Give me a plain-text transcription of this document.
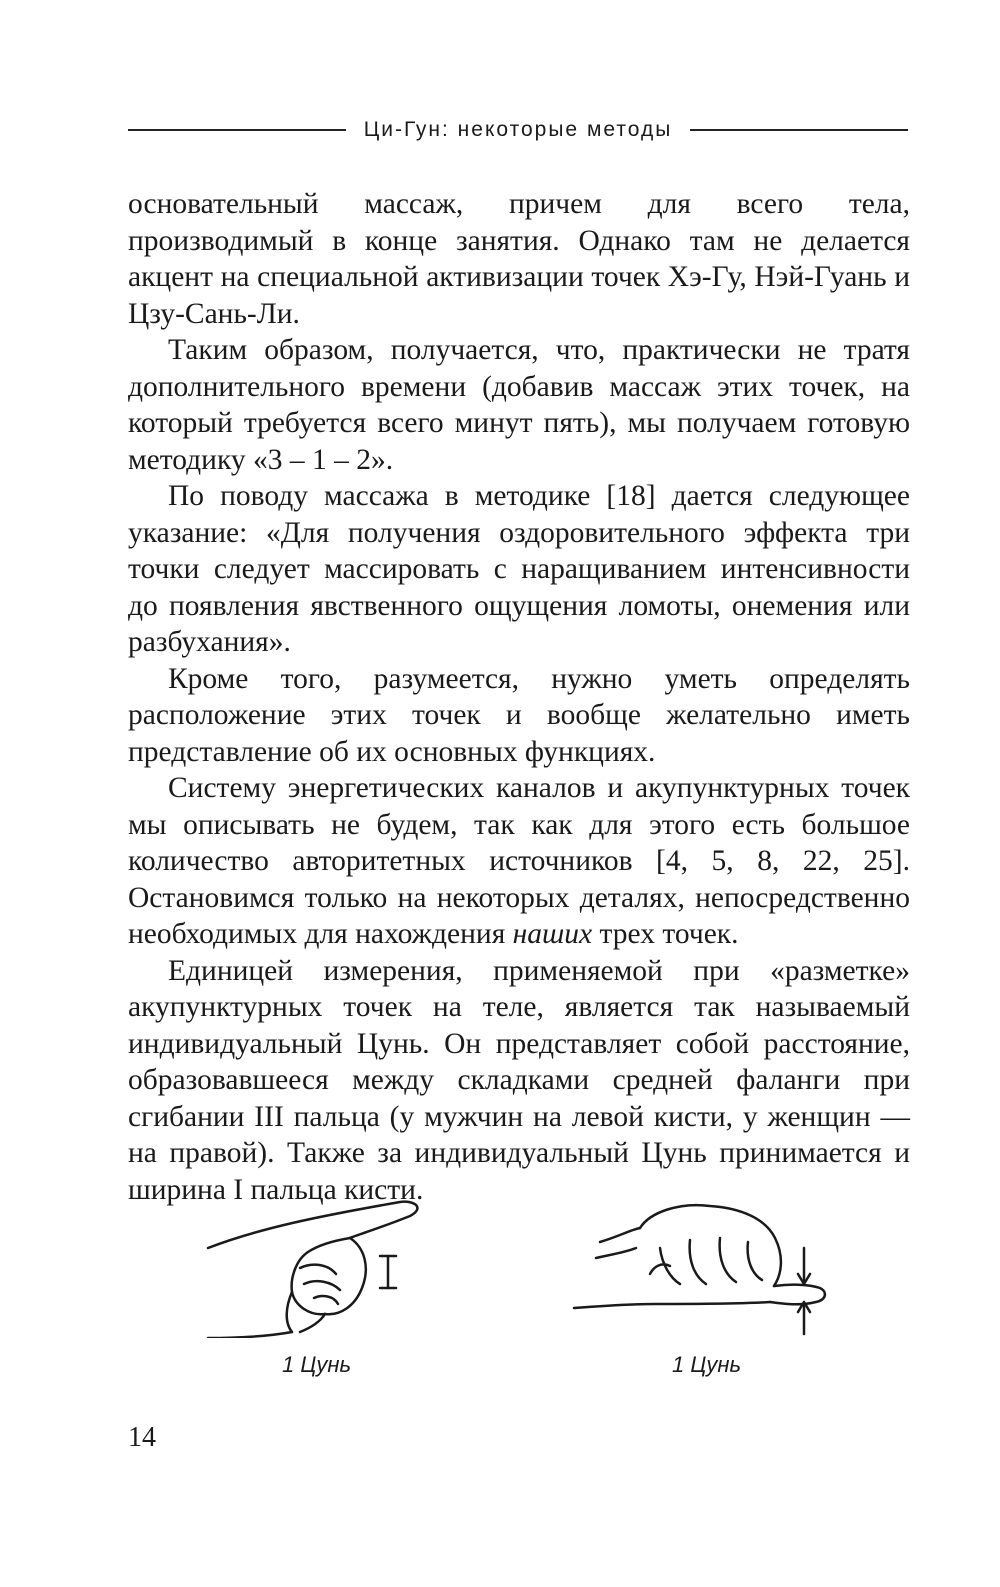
Ци-Гун: некоторые методы

основательный массаж, причем для всего тела, производимый в конце занятия. Однако там не делается акцент на специальной активизации точек Хэ-Гу, Нэй-Гуань и Цзу-Сань-Ли.

Таким образом, получается, что, практически не тратя дополнительного времени (добавив массаж этих точек, на который требуется всего минут пять), мы получаем готовую методику «3 – 1 – 2».

По поводу массажа в методике [18] дается следующее указание: «Для получения оздоровительного эффекта три точки следует массировать с наращиванием интенсивности до появления явственного ощущения ломоты, онемения или разбухания».

Кроме того, разумеется, нужно уметь определять расположение этих точек и вообще желательно иметь представление об их основных функциях.

Систему энергетических каналов и акупунктурных точек мы описывать не будем, так как для этого есть большое количество авторитетных источников [4, 5, 8, 22, 25]. Остановимся только на некоторых деталях, непосредственно необходимых для нахождения наших трех точек.

Единицей измерения, применяемой при «разметке» акупунктурных точек на теле, является так называемый индивидуальный Цунь. Он представляет собой расстояние, образовавшееся между складками средней фаланги при сгибании III пальца (у мужчин на левой кисти, у женщин — на правой). Также за индивидуальный Цунь принимается и ширина I пальца кисти.

1 Цунь	1 Цунь
14
